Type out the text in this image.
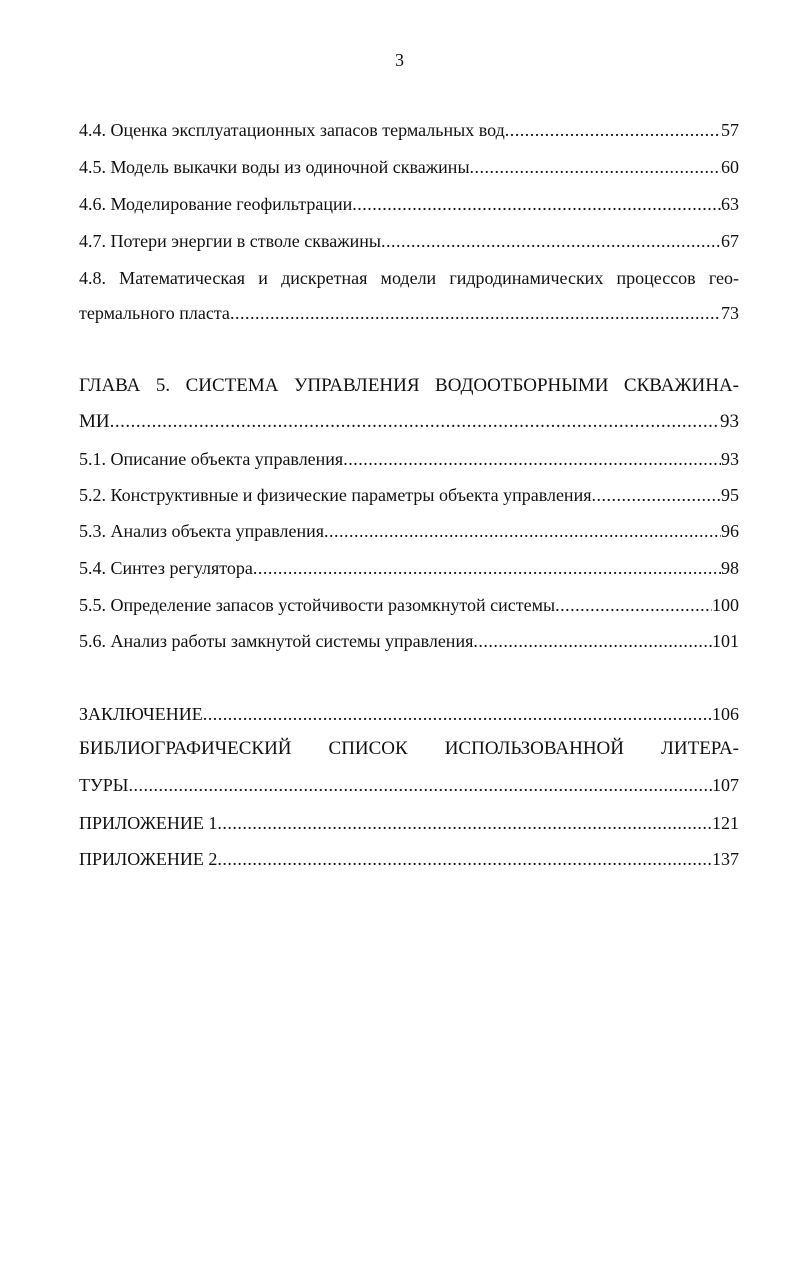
3
4.4. Оценка эксплуатационных запасов термальных вод .....	57
4.5. Модель выкачки воды из одиночной скважины .....	60
4.6. Моделирование геофильтрации .....	63
4.7. Потери энергии в стволе скважины .....	67
4.8. Математическая и дискретная модели гидродинамических процессов гео-
термального пласта .....	73
ГЛАВА 5. СИСТЕМА УПРАВЛЕНИЯ ВОДООТБОРНЫМИ СКВАЖИНА-
МИ .....	93
5.1. Описание объекта управления .....	93
5.2. Конструктивные и физические параметры объекта управления .....	95
5.3. Анализ объекта управления .....	96
5.4. Синтез регулятора .....	98
5.5. Определение запасов устойчивости разомкнутой системы .....	100
5.6. Анализ работы замкнутой системы управления .....	101
ЗАКЛЮЧЕНИЕ .....	106
БИБЛИОГРАФИЧЕСКИЙ СПИСОК ИСПОЛЬЗОВАННОЙ ЛИТЕРА-
ТУРЫ .....	107
ПРИЛОЖЕНИЕ 1 .....	121
ПРИЛОЖЕНИЕ 2 .....	137
